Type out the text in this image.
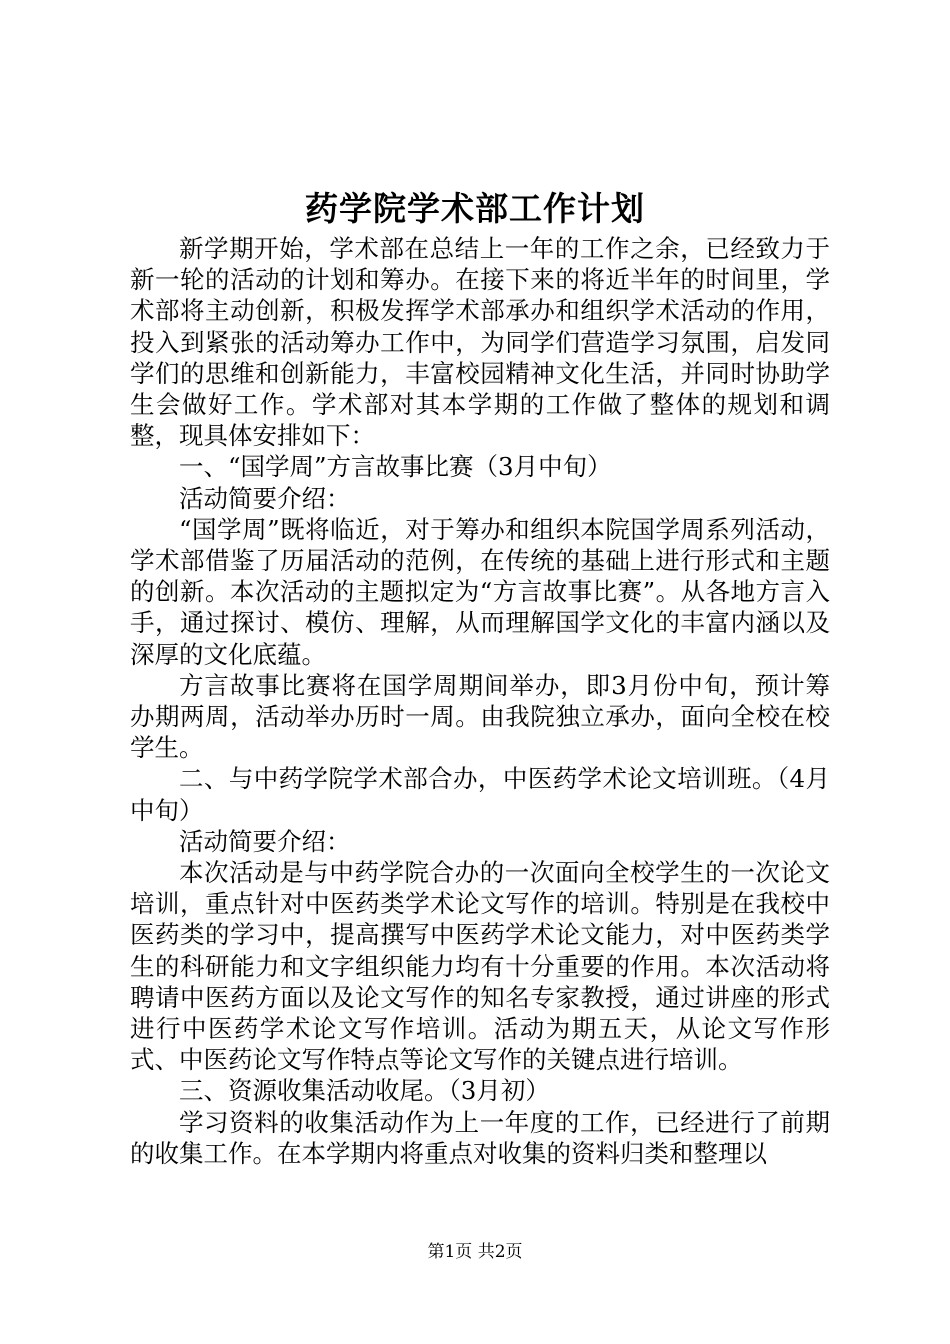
药学院学术部工作计划

新学期开始，学术部在总结上一年的工作之余，已经致力于新一轮的活动的计划和筹办。在接下来的将近半年的时间里，学术部将主动创新，积极发挥学术部承办和组织学术活动的作用，投入到紧张的活动筹办工作中，为同学们营造学习氛围，启发同学们的思维和创新能力，丰富校园精神文化生活，并同时协助学生会做好工作。学术部对其本学期的工作做了整体的规划和调整，现具体安排如下：

一、“国学周”方言故事比赛（3月中旬）

活动简要介绍：

“国学周”既将临近，对于筹办和组织本院国学周系列活动，学术部借鉴了历届活动的范例，在传统的基础上进行形式和主题的创新。本次活动的主题拟定为“方言故事比赛”。从各地方言入手，通过探讨、模仿、理解，从而理解国学文化的丰富内涵以及深厚的文化底蕴。

方言故事比赛将在国学周期间举办，即3月份中旬，预计筹办期两周，活动举办历时一周。由我院独立承办，面向全校在校学生。

二、与中药学院学术部合办，中医药学术论文培训班。（4月中旬）

活动简要介绍：

本次活动是与中药学院合办的一次面向全校学生的一次论文培训，重点针对中医药类学术论文写作的培训。特别是在我校中医药类的学习中，提高撰写中医药学术论文能力，对中医药类学生的科研能力和文字组织能力均有十分重要的作用。本次活动将聘请中医药方面以及论文写作的知名专家教授，通过讲座的形式进行中医药学术论文写作培训。活动为期五天，从论文写作形式、中医药论文写作特点等论文写作的关键点进行培训。

三、资源收集活动收尾。（3月初）

学习资料的收集活动作为上一年度的工作，已经进行了前期的收集工作。在本学期内将重点对收集的资料归类和整理以

第1页 共2页
